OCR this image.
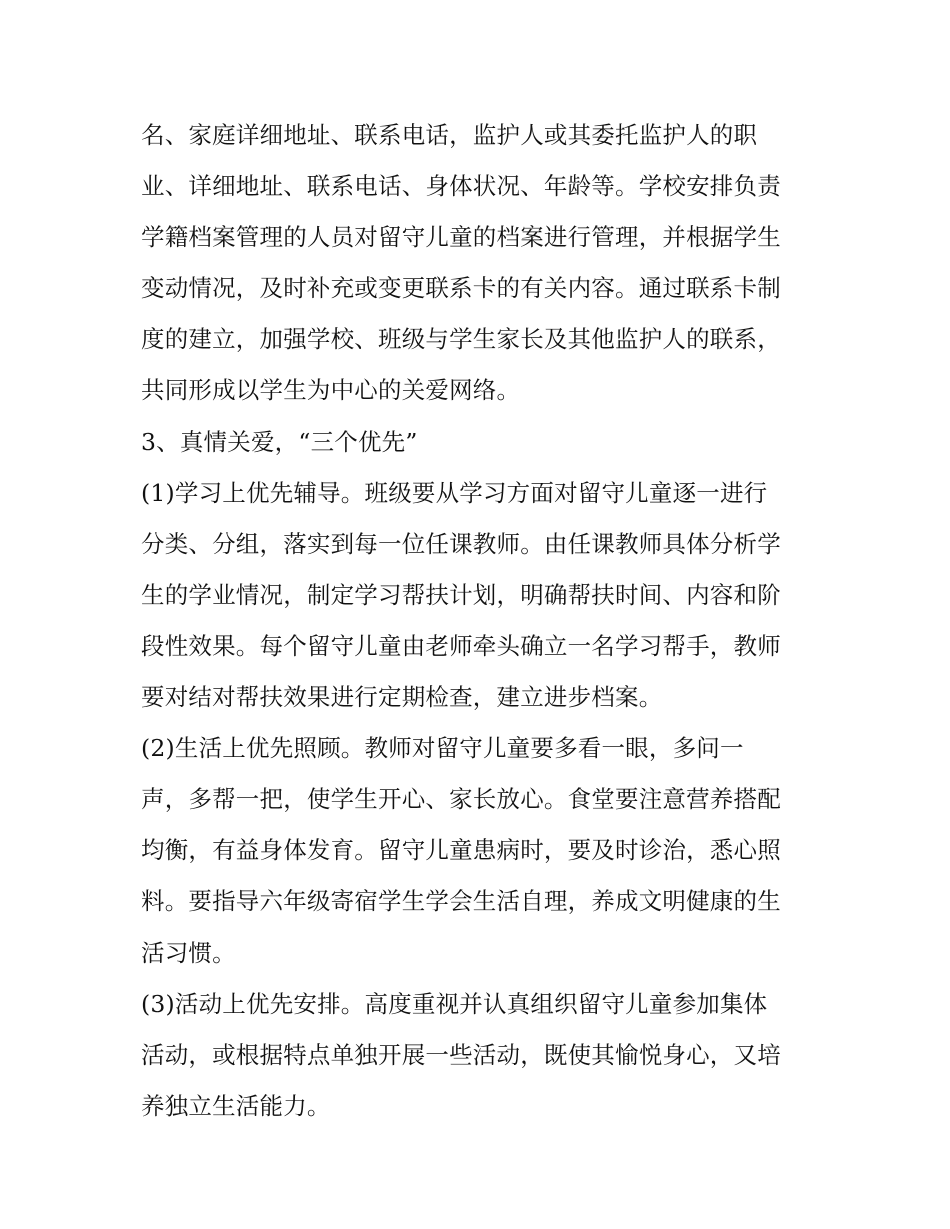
名、家庭详细地址、联系电话，监护人或其委托监护人的职
业、详细地址、联系电话、身体状况、年龄等。学校安排负责
学籍档案管理的人员对留守儿童的档案进行管理，并根据学生
变动情况，及时补充或变更联系卡的有关内容。通过联系卡制
度的建立，加强学校、班级与学生家长及其他监护人的联系，
共同形成以学生为中心的关爱网络。
3、真情关爱，“三个优先”
(1)学习上优先辅导。班级要从学习方面对留守儿童逐一进行
分类、分组，落实到每一位任课教师。由任课教师具体分析学
生的学业情况，制定学习帮扶计划，明确帮扶时间、内容和阶
段性效果。每个留守儿童由老师牵头确立一名学习帮手，教师
要对结对帮扶效果进行定期检查，建立进步档案。
(2)生活上优先照顾。教师对留守儿童要多看一眼，多问一
声，多帮一把，使学生开心、家长放心。食堂要注意营养搭配
均衡，有益身体发育。留守儿童患病时，要及时诊治，悉心照
料。要指导六年级寄宿学生学会生活自理，养成文明健康的生
活习惯。
(3)活动上优先安排。高度重视并认真组织留守儿童参加集体
活动，或根据特点单独开展一些活动，既使其愉悦身心，又培
养独立生活能力。
